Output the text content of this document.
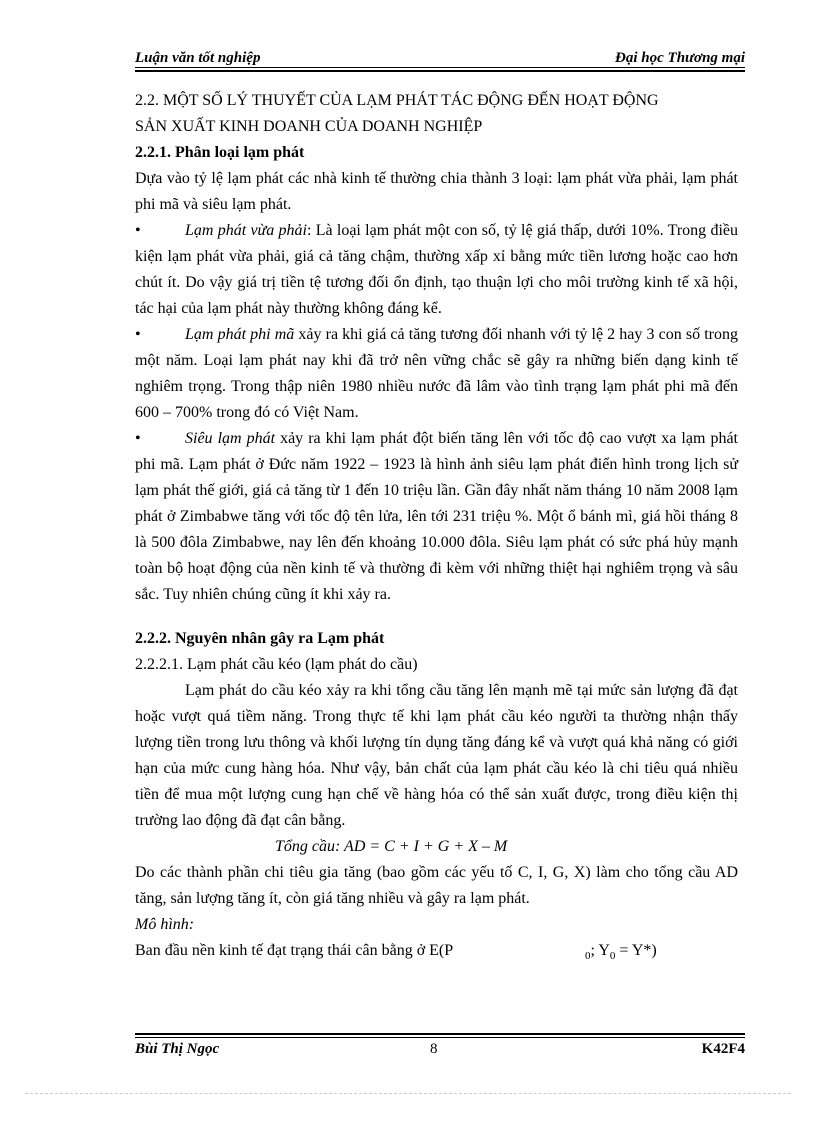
Luận văn tốt nghiệp	Đại học Thương mại

2.2. MỘT SỐ LÝ THUYẾT CỦA LẠM PHÁT TÁC ĐỘNG ĐẾN HOẠT ĐỘNG
SẢN XUẤT KINH DOANH CỦA DOANH NGHIỆP

2.2.1. Phân loại lạm phát

Dựa vào tỷ lệ lạm phát các nhà kinh tế thường chia thành 3 loại: lạm phát vừa phải, lạm phát phi mã và siêu lạm phát.

•	Lạm phát vừa phải: Là loại lạm phát một con số, tỷ lệ giá thấp, dưới 10%. Trong điều kiện lạm phát vừa phải, giá cả tăng chậm, thường xấp xỉ bằng mức tiền lương hoặc cao hơn chút ít. Do vậy giá trị tiền tệ tương đối ổn định, tạo thuận lợi cho môi trường kinh tế xã hội, tác hại của lạm phát này thường không đáng kể.

•	Lạm phát phi mã xảy ra khi giá cả tăng tương đối nhanh với tỷ lệ 2 hay 3 con số trong một năm. Loại lạm phát nay khi đã trở nên vững chắc sẽ gây ra những biến dạng kinh tế nghiêm trọng. Trong thập niên 1980 nhiều nước đã lâm vào tình trạng lạm phát phi mã đến 600 – 700% trong đó có Việt Nam.

•	Siêu lạm phát xảy ra khi lạm phát đột biến tăng lên với tốc độ cao vượt xa lạm phát phi mã. Lạm phát ở Đức năm 1922 – 1923 là hình ảnh siêu lạm phát điển hình trong lịch sử lạm phát thế giới, giá cả tăng từ 1 đến 10 triệu lần. Gần đây nhất năm tháng 10 năm 2008 lạm phát ở Zimbabwe tăng với tốc độ tên lửa, lên tới 231 triệu %. Một ổ bánh mì, giá hồi tháng 8 là 500 đôla Zimbabwe, nay lên đến khoảng 10.000 đôla. Siêu lạm phát có sức phá hủy mạnh toàn bộ hoạt động của nền kinh tế và thường đi kèm với những thiệt hại nghiêm trọng và sâu sắc. Tuy nhiên chúng cũng ít khi xảy ra.

2.2.2. Nguyên nhân gây ra Lạm phát

2.2.2.1. Lạm phát cầu kéo (lạm phát do cầu)

Lạm phát do cầu kéo xảy ra khi tổng cầu tăng lên mạnh mẽ tại mức sản lượng đã đạt hoặc vượt quá tiềm năng. Trong thực tế khi lạm phát cầu kéo người ta thường nhận thấy lượng tiền trong lưu thông và khối lượng tín dụng tăng đáng kể và vượt quá khả năng có giới hạn của mức cung hàng hóa. Như vậy, bản chất của lạm phát cầu kéo là chi tiêu quá nhiều tiền để mua một lượng cung hạn chế về hàng hóa có thể sản xuất được, trong điều kiện thị trường lao động đã đạt cân bằng.

Tổng cầu: AD = C + I + G + X – M

Do các thành phần chi tiêu gia tăng (bao gồm các yếu tố C, I, G, X) làm cho tổng cầu AD tăng, sản lượng tăng ít, còn giá tăng nhiều và gây ra lạm phát.

Mô hình:

Ban đầu nền kinh tế đạt trạng thái cân bằng ở E(P	$_0$; $Y_0 = Y*$)

Bùi Thị Ngọc	8	K42F4
